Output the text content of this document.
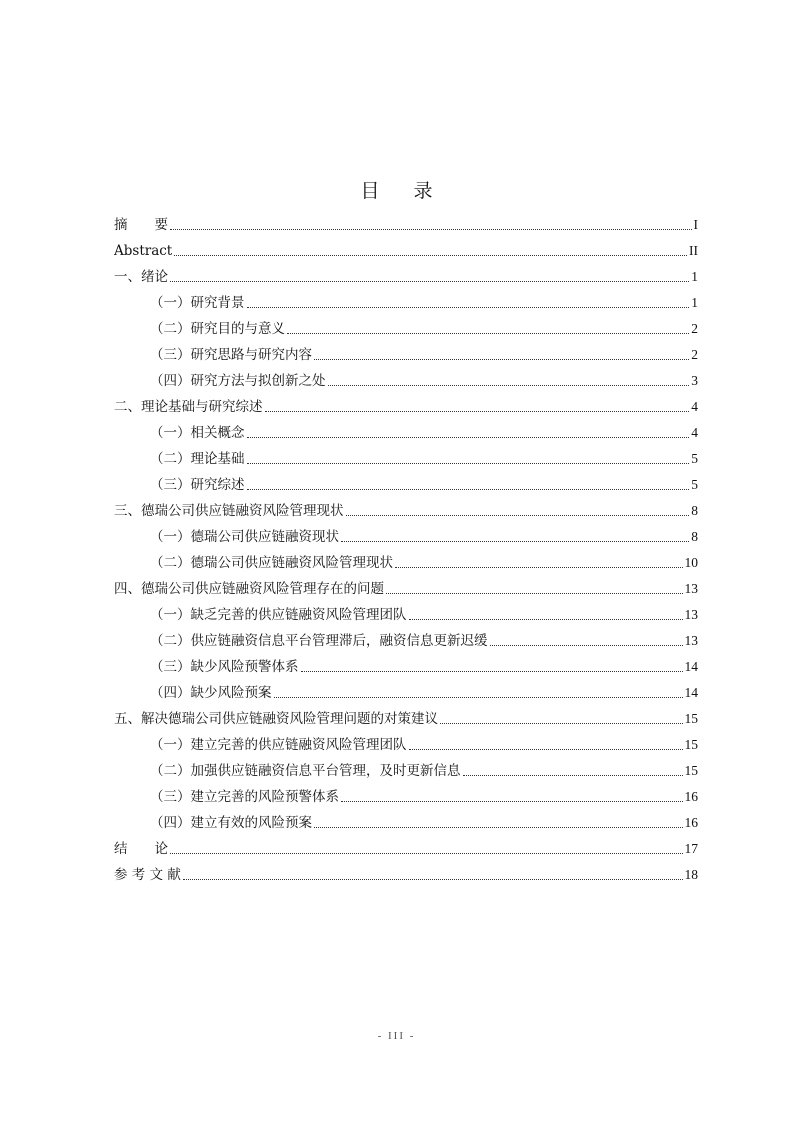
目录
摘　　要	I
Abstract	II
一、绪论	1
（一）研究背景	1
（二）研究目的与意义	2
（三）研究思路与研究内容	2
（四）研究方法与拟创新之处	3
二、理论基础与研究综述	4
（一）相关概念	4
（二）理论基础	5
（三）研究综述	5
三、德瑞公司供应链融资风险管理现状	8
（一）德瑞公司供应链融资现状	8
（二）德瑞公司供应链融资风险管理现状	10
四、德瑞公司供应链融资风险管理存在的问题	13
（一）缺乏完善的供应链融资风险管理团队	13
（二）供应链融资信息平台管理滞后，融资信息更新迟缓	13
（三）缺少风险预警体系	14
（四）缺少风险预案	14
五、解决德瑞公司供应链融资风险管理问题的对策建议	15
（一）建立完善的供应链融资风险管理团队	15
（二）加强供应链融资信息平台管理，及时更新信息	15
（三）建立完善的风险预警体系	16
（四）建立有效的风险预案	16
结　　论	17
参 考 文 献	18
- III -
